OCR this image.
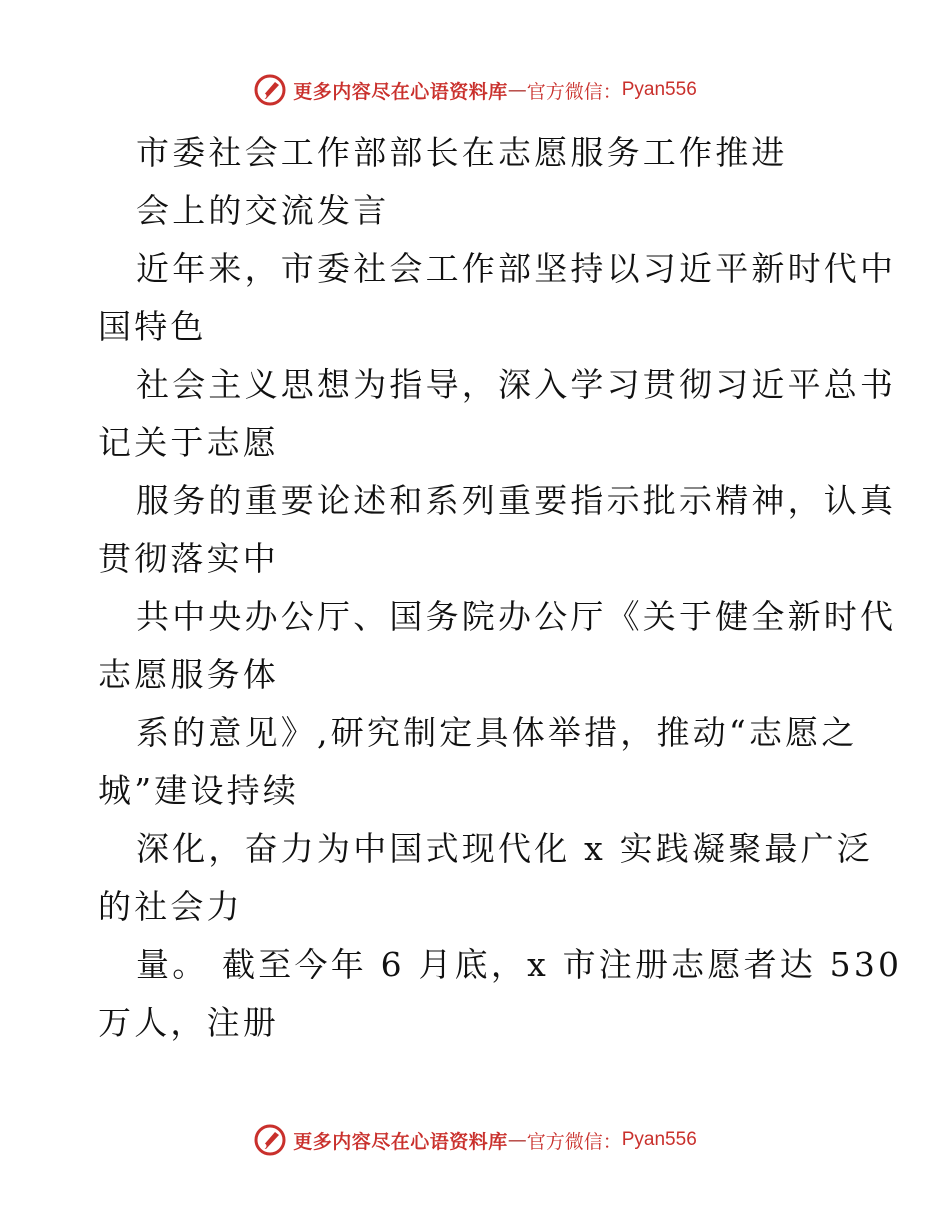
更多内容尽在心语资料库 — 官方微信： Pyan556
市委社会工作部部长在志愿服务工作推进
会上的交流发言
近年来，市委社会工作部坚持以习近平新时代中
国特色
社会主义思想为指导，深入学习贯彻习近平总书
记关于志愿
服务的重要论述和系列重要指示批示精神，认真
贯彻落实中
共中央办公厅、国务院办公厅《关于健全新时代
志愿服务体
系的意见》,研究制定具体举措，推动“志愿之
城”建设持续
深化，奋力为中国式现代化 x 实践凝聚最广泛
的社会力
量。 截至今年 6 月底，x 市注册志愿者达 530
万人，注册
更多内容尽在心语资料库 — 官方微信： Pyan556
